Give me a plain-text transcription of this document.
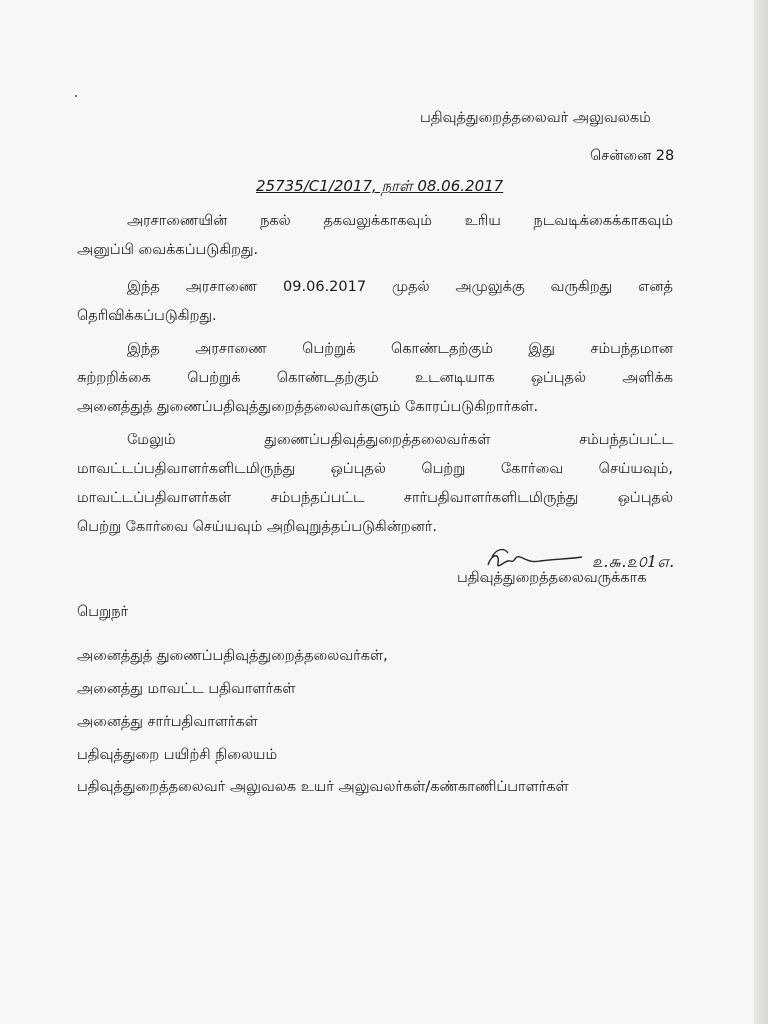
பதிவுத்துறைத்தலைவர் அலுவலகம்
சென்னை 28
25735/C1/2017, நாள் 08.06.2017
அரசாணையின் நகல் தகவலுக்காகவும் உரிய நடவடிக்கைக்காகவும்
அனுப்பி வைக்கப்படுகிறது.
இந்த அரசாணை 09.06.2017 முதல் அமுலுக்கு வருகிறது எனத்
தெரிவிக்கப்படுகிறது.
இந்த அரசாணை பெற்றுக் கொண்டதற்கும் இது சம்பந்தமான
சுற்றறிக்கை பெற்றுக் கொண்டதற்கும் உடனடியாக ஒப்புதல் அளிக்க
அனைத்துத் துணைப்பதிவுத்துறைத்தலைவர்களும் கோரப்படுகிறார்கள்.
மேலும் துணைப்பதிவுத்துறைத்தலைவர்கள் சம்பந்தப்பட்ட
மாவட்டப்பதிவாளர்களிடமிருந்து ஒப்புதல் பெற்று கோர்வை செய்யவும்,
மாவட்டப்பதிவாளர்கள் சம்பந்தப்பட்ட சார்பதிவாளர்களிடமிருந்து ஒப்புதல்
பெற்று கோர்வை செய்யவும் அறிவுறுத்தப்படுகின்றனர்.
௨.௬.௨௦1௭.
பதிவுத்துறைத்தலைவருக்காக
பெறுநர்
அனைத்துத் துணைப்பதிவுத்துறைத்தலைவர்கள்,
அனைத்து மாவட்ட பதிவாளர்கள்
அனைத்து சார்பதிவாளர்கள்
பதிவுத்துறை பயிற்சி நிலையம்
பதிவுத்துறைத்தலைவர் அலுவலக உயர் அலுவலர்கள்/கண்காணிப்பாளர்கள்
